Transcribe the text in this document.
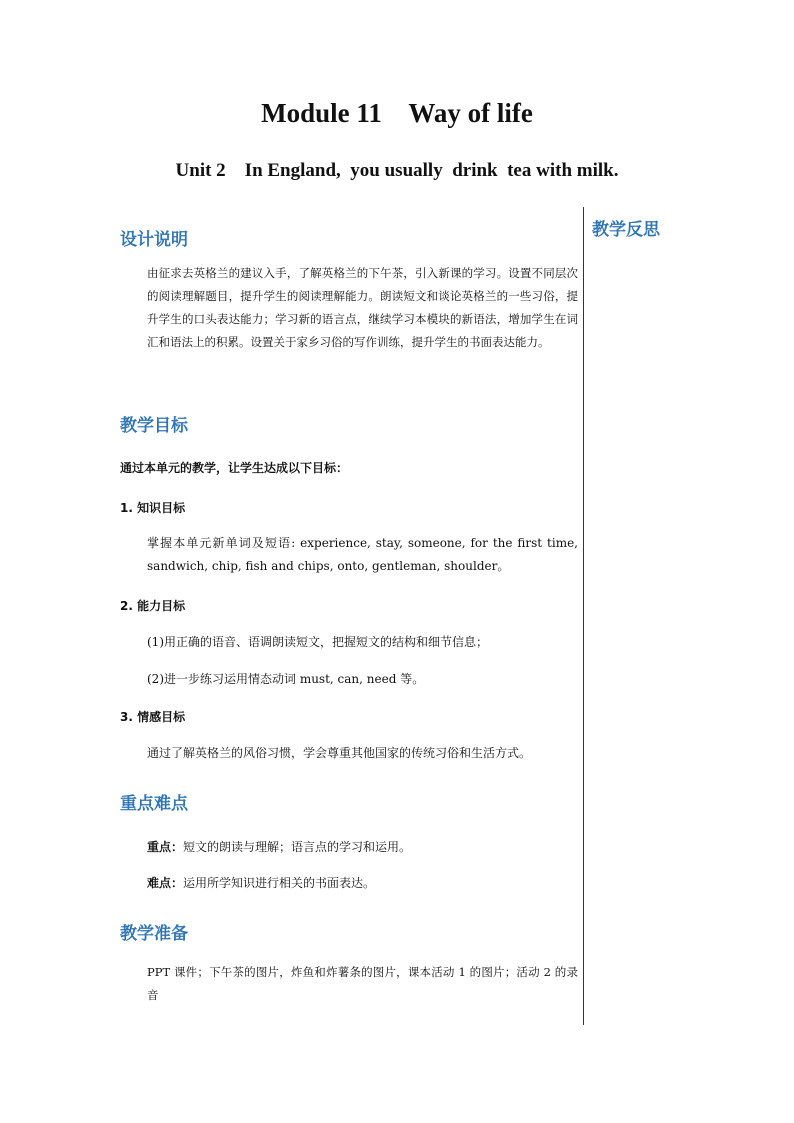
Module 11    Way of life
Unit 2    In England,  you usually  drink  tea with milk.
教学反思
设计说明
由征求去英格兰的建议入手，了解英格兰的下午茶，引入新课的学习。设置不同层次的阅读理解题目，提升学生的阅读理解能力。朗读短文和谈论英格兰的一些习俗，提升学生的口头表达能力；学习新的语言点，继续学习本模块的新语法，增加学生在词汇和语法上的积累。设置关于家乡习俗的写作训练，提升学生的书面表达能力。
教学目标
通过本单元的教学，让学生达成以下目标：
1. 知识目标
掌握本单元新单词及短语: experience, stay, someone, for the first time, sandwich, chip, fish and chips, onto, gentleman, shoulder。
2. 能力目标
(1)用正确的语音、语调朗读短文，把握短文的结构和细节信息；
(2)进一步练习运用情态动词 must, can, need 等。
3. 情感目标
通过了解英格兰的风俗习惯，学会尊重其他国家的传统习俗和生活方式。
重点难点
重点：短文的朗读与理解；语言点的学习和运用。
难点：运用所学知识进行相关的书面表达。
教学准备
PPT 课件；下午茶的图片，炸鱼和炸薯条的图片，课本活动 1 的图片；活动 2 的录音
